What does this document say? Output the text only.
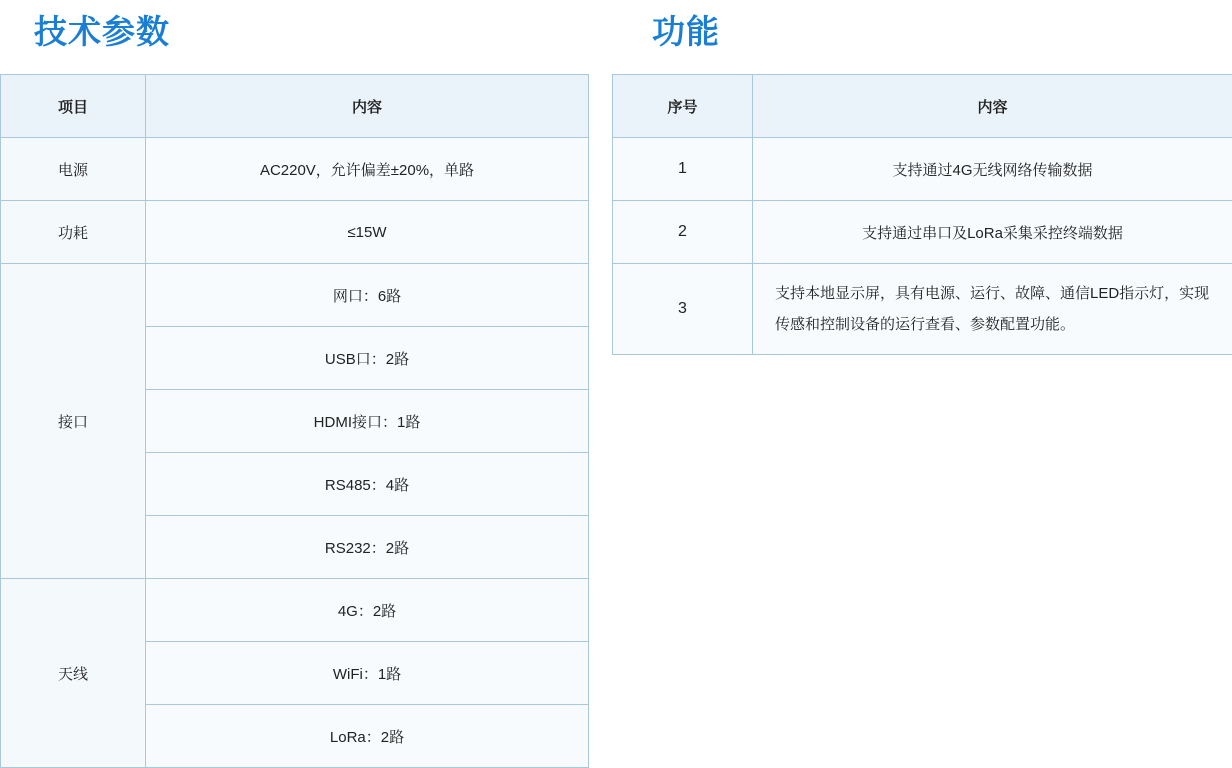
技术参数
项目	内容
电源	AC220V，允许偏差±20%，单路
功耗	≤15W
接口	网口：6路
	USB口：2路
	HDMI接口：1路
	RS485：4路
	RS232：2路
天线	4G：2路
	WiFi：1路
	LoRa：2路
功能
序号	内容
1	支持通过4G无线网络传输数据
2	支持通过串口及LoRa采集采控终端数据
3	支持本地显示屏，具有电源、运行、故障、通信LED指示灯，实现传感和控制设备的运行查看、参数配置功能。
